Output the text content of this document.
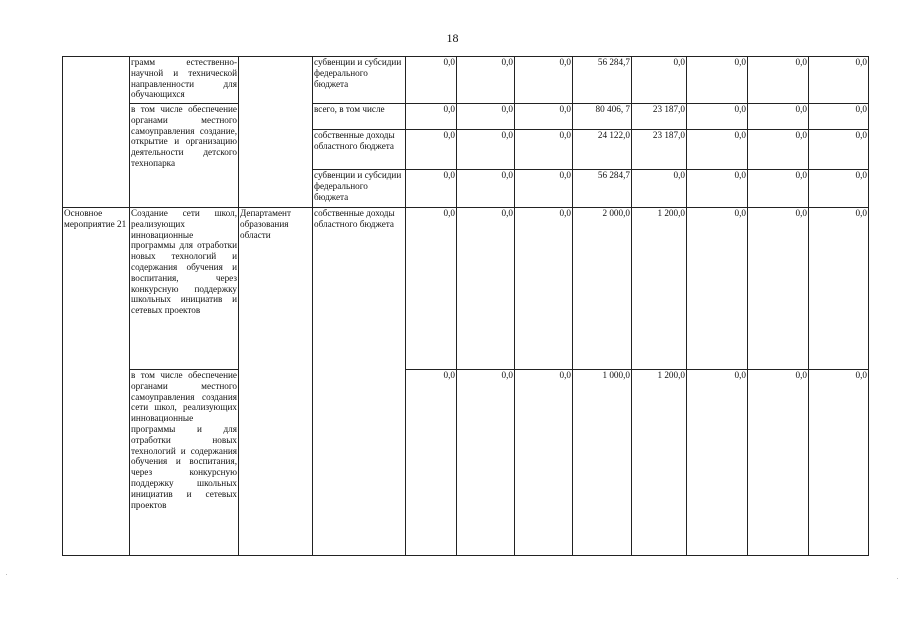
18
	грамм естественно-научной и техничеcкой направленности для обучающихся		субвенции и субсидии федерального бюджета	0,0	0,0	0,0	56 284,7	0,0	0,0	0,0	0,0
	в том числе обеспечение органами местного самоуправления создание, открытие и организацию деятельности детского технопарка		всего, в том числе	0,0	0,0	0,0	80 406, 7	23 187,0	0,0	0,0	0,0
			собственные доходы областного бюджета	0,0	0,0	0,0	24 122,0	23 187,0	0,0	0,0	0,0
			субвенции и субсидии федерального бюджета	0,0	0,0	0,0	56 284,7	0,0	0,0	0,0	0,0
Основное мероприятие 21	Создание сети школ, реализующих инновационные программы для отработки новых технологий и содержания обучения и воспитания, через конкурсную поддержку школьных инициатив и сетевых проектов	Департамент образования области	собственные доходы областного бюджета	0,0	0,0	0,0	2 000,0	1 200,0	0,0	0,0	0,0
	в том числе обеспечение органами местного самоуправления создания сети школ, реализующих инновационные программы и для отработки новых технологий и содержания обучения и воспитания, через конкурсную поддержку школьных инициатив и сетевых проектов			0,0	0,0	0,0	1 000,0	1 200,0	0,0	0,0	0,0
